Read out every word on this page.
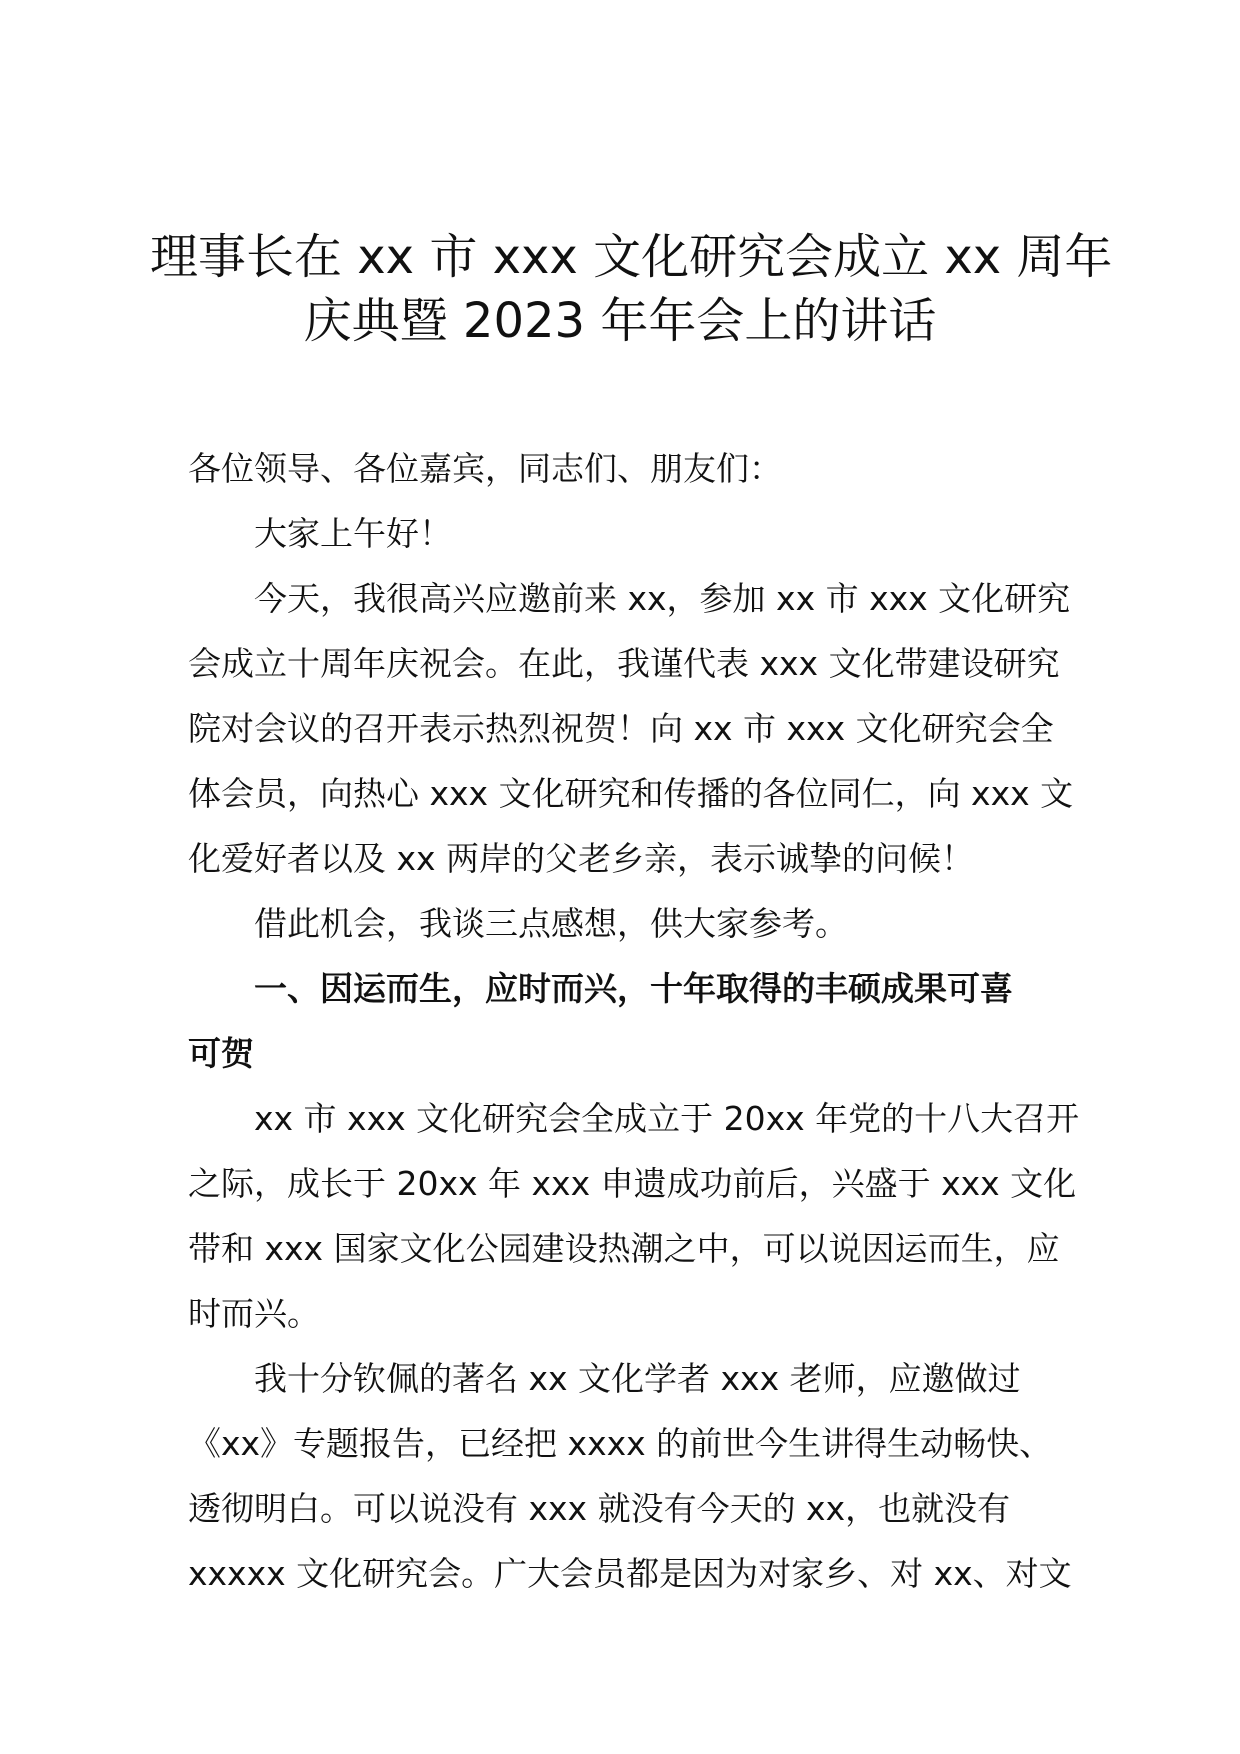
理事长在 xx 市 xxx 文化研究会成立 xx 周年
庆典暨 2023 年年会上的讲话
各位领导、各位嘉宾，同志们、朋友们：
大家上午好！
今天，我很高兴应邀前来 xx，参加 xx 市 xxx 文化研究
会成立十周年庆祝会。在此，我谨代表 xxx 文化带建设研究
院对会议的召开表示热烈祝贺！向 xx 市 xxx 文化研究会全
体会员，向热心 xxx 文化研究和传播的各位同仁，向 xxx 文
化爱好者以及 xx 两岸的父老乡亲，表示诚挚的问候！
借此机会，我谈三点感想，供大家参考。
一、因运而生，应时而兴，十年取得的丰硕成果可喜
可贺
xx 市 xxx 文化研究会全成立于 20xx 年党的十八大召开
之际，成长于 20xx 年 xxx 申遗成功前后，兴盛于 xxx 文化
带和 xxx 国家文化公园建设热潮之中，可以说因运而生，应
时而兴。
我十分钦佩的著名 xx 文化学者 xxx 老师，应邀做过
《xx》专题报告，已经把 xxxx 的前世今生讲得生动畅快、
透彻明白。可以说没有 xxx 就没有今天的 xx，也就没有
xxxxx 文化研究会。广大会员都是因为对家乡、对 xx、对文
